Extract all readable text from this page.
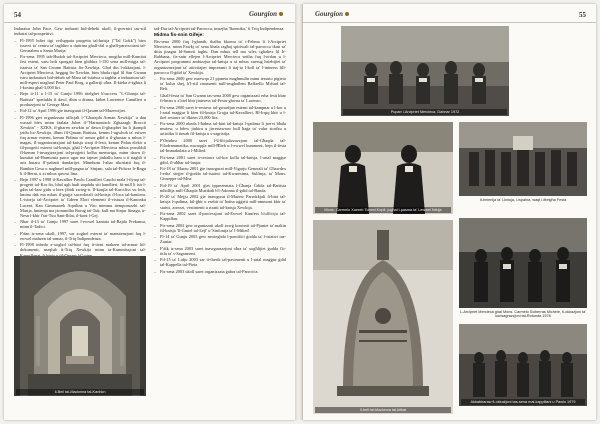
54	Gourgion

Induratur John Pace. Gew indurati bid-dehebi ukoll, il-gvernici tas-stil industri tal-prospettivi.

– Fl-1995 bdiet tigi zviluppata progetta tal-knisja ("Tal Gokk") biex isservi ta' centru ta' taghlim u duttrina ghall-tfal u ghall-parrocciani tal-Gerusalem u Santa Marija.
– Fis-sena 1995 tah-Hudoh tal-Arcipriet Mercieca, mogtha mill-Kumitat fest esteni, saru holt sporgati bien ghiblux l-150 sena mill-migja tal-istatwa ta' San Gwann Battista fix-Xewkija. Ghal din l-okkazjoni, l-Arcipriet Mercieca, heggag lix-Xewkin, biex bhala rigal lil San Gwann isiru induraturi bid-deheb tal-Mara tal-istatwa u taghha u induratura tal-mill-espert maghruf Peter Paul Borg, u galleriji oħra. Il-kieka ż-żgħira li l-kostna ghal-3,000 liri.
– Bejn it-11 u l-15 ta' Gunju 1996 ittelghet b'success "L-Ghanja tal-Battista" spettaklu fi dawl, dhin u drama, kitbet Lawrence Camilleri u produzzjoni ta' George Masi.
– Fid-12 ta' April 1996 gie inawgurat il-Qasam tal-Muzewijiet.
– Fl-1996 giet organizzata ufficjali l-"Gharajda Arman Xewkija" u dan wassal biex minn faalata Jubet il-"Harmonisch Zghazagh Braccii Xewkin" - XZKS, il-gharen xewkin ta' dawn il-ghaqdiet hu li jkompli jzidu lix-Xewkija, illum fil-Qasam Battista, kemm l-ugwhoh ta' estwer fuq armar esterni, kemm Pidima ta' armar gdid u il-ghaxtar u mhux l-inagas, fl-organizzazzjoni tal-knisja waqt il-festi, kemm Pidan elektr u fil-progetti esterni tal-knisja, ghal l-Arcipriet Mercieca mhux possibbli fl-kemm l-invagizzzjoni tal-proġetti kolha memwiga, minn dawn il-kumitat tal-Harmonia parce ugar ma tajmet jinhallu bam u ti naghli ti aris hutatu fl'-pabatti dandarijet. Minnhom l-ahar rikostatti fuq il-Bambin Gesu u naghmel mill-pagna ta' Sinjam, sala tal-Fidwar Ir-Rngu li il-Berni, u xi mhux qawwi lina.
– Bejn 1997 u 1998 il-Kavallier Pawlu Camilleri Cauchi mala l-ilyaqt tal-progetti tal-Kor fix, bhal ugh hudi taqabdu sitt kandlieri, fit-mill li isir l-gdin tal-lazz gidu u biex jibidi zwieg-ir. Il-konjla tal-Kurcifiss vu lesh, kmina dak ma mhux il-grajja sacerdotali tal-knisja fl-loca tal-kantiera. L-istorja tal-Arcipriet ta' Gdeen Eloti elementi il-vistuza il-Kanonku Lucent, Kan Gimmaarek Aquilina u Vito mimmu ttemporuzzhi sal-Marija, hmienja ma jżommilha Boruġ tat-Tuk, kull ma Sinjur Sinagu, ir-Nesn l-kbir f'tat-Tuu Sant-Iblat, il-kont l-Ġej.
– Nhar il-13 ta' Gunju 1997 saret l-ewwel kantata tal-Bajdu Prekunsa, minn il-Tadici.
– F'dan is-sena ukoll, 1997, sar xoghol esterni ta' manutenzjoni fuq l-ewwel mahzen tal-armar, il-Triq Indipendenza.
– Fl-1998 inbeda x-xoghol tal-bini fuq it-tieni mahzen tal-armar bil-dokumenti, maqlub it-Triq Xewkija minn ta-Kummissjoni tal-

tad-Dar tal-Arcipriet tal-Parrocca, imsejha 'Ikonnika,' fi Triq Indipendenza.

Midma fis-snin Gifeje:

Bis-sena 2000 fuq l-ghanib, thalhu kkomu ta' t-Fehma li l-Arcipriet Mercieca, minn Fawkj ta' sena bhala ragħaj spirtwali tal-parrocca ikun sa' ditta jinagas bl-Sumrit taghu. Dan mhux tell ma wfer, tghaliex lil Ir-Rubbana, fis-snin ellejen l-Arcipriet Mercieca settha fuq l-ordan u l-Arcipriet programmi ambizzjuz tal-knisja u xi mhux xuerug hsiebijiet ta' organizzazzjoni ta' attivitajiet importanti li ttaj-ta l-koll ta' l-interess lill-parrocca fl-ġdid ta' Xewkija.

– Fis-sena 2000 gew mzewqa 21 pjaneta maghmulin minn tessuto pigieto ta' kulur sbej, b'l-stil rinassenti mill-imghallem Raffaello Mifsud tal-Belt.
– Ghall-festa ta' San Gwann tas-sena 2000 gew organizzati erba festi kbar fi-bniss u x'ittel kbir jinteress tal-Festu-ghwna ta' Lorenzo.
– Fis-sena 2000 saret ir-restawr tal-gwardjan esterni tal-kampnar u l-kor u l-artal maġġur li kien fil-knisja Grajja tal-Kavallieri, Bl-Irqiq kbir u l-ikel restawr ta' ilkiem 23,000 lira.
– Fis-sena 2000 nbeda l-ħidma tal-bini tal-knisja l-qadima li jservi bħala mużew, u bdew jinkiru u jirrestawraw kull ħaġa ta' valur storiku u artistiku li tinsab fil-knisja u s-sagristija.
– F'Ottubru 2000 saret l-Uffiċjalizzazzjoni tal-Għaqda tal-Filodrammatika, mwaqqfa mill-Ħlieb u l-ewwel kumment, bejn il-festa tal-Immakulata u l-Milied.
– Fis-sena 2001 saret ir-restawr tal-kor kollu tal-knisja, l-artal magġur ġdid, fl-aħħar tal-lanjar.
– Fit-18 ta' Marzu 2001 ġie inawgurat mill-Vigarju Ġenerali ta' Għawdex l-erba' stejjer il-ġodda tal-istatwi tal-Kwaresima, Sulfinja, ta' Mons. Giuseppe tal-Misr.
– Fid-19 ta' April 2001 ġiet ippreżentata l-Ġħanja Ġdida tal-Battista mħollija mill-Ġħaqda Mużikali b'l-Adonna il-ġdid tal-Banda.
– Fl-20 ta' Mejju 2002 ġie inawgurat il-Mużew Parrokkjali fi-bini tal-knisja l-qadima, bil-ġbir u esebit ta' ħafna oġġetti mill-ammont kbir ta' statwi, arrezzi, vestimenti u rtratti tal-knisja Xewkija.
– Fis-sena 2002 saret il-proċessjoni tal-Ewwel Kunfess b'uffiċċju tal-Kappillan.
– Fis-sena 2002 ġew organizzati ukoll żewġ konċerti tal-Pjaniet ta' maltin fil-knisja 'Il-Ġmiel tal-Lejl' u 'Sinfonija ta' l-Milied'.
– Fl-14 ta' Ġunju 2003 gew mwieghda l-pontifiċi ġodda ta' l-istatwi taz-Zuntar.
– F'dik is-sena 2003 saret inawgurazzjoni oħra ta' xogħlijiet ġodda f'it-titlu ta' s-Sagrament.
– Fil-15 ta' Lulju 2003 sar it-tberik tal-pavimenti u l-artal maġġur ġdid tal-Kappella tal-Pieta.
– Fis-sena 2003 ukoll saret organizzata ġabra tal-Parroċċa.
Il-Bell tal-Madonna tal-Kanhkn
Gourgion	55
Pupan l-Arcipriet Mercieca, Dahnar 1972
Mons. Carmelo Xuereb Tommi Kopfi, jogħal l-pasma ta' l-ewwel ħitkija
It-tmienija ta' l-knisja, l-ispalna, waqt l-ittelgħa Festa
L-Arcipriet Mercieca ghal Mons. Carmelo Sciberras Michele, fl-okkażjoni ta' konsagrazzjoni tal-Rotunda 1978
Il-bell tal-Madonna tal-kitkat
Akkabbaraw fl-okkażjoni tas-sena mal-kappillani u Pawlu 1979
